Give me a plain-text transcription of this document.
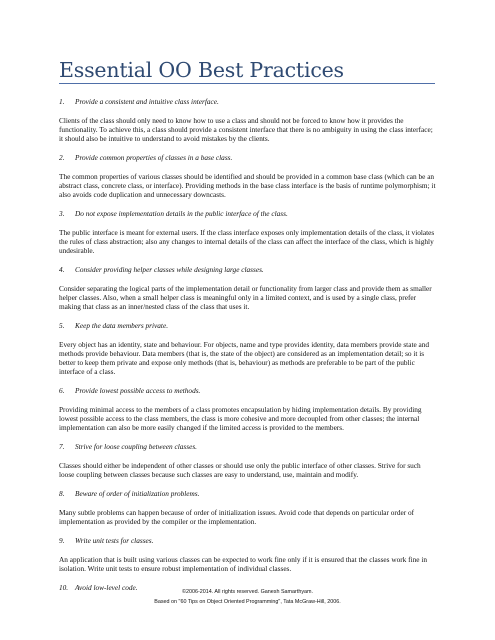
Essential OO Best Practices
1. Provide a consistent and intuitive class interface.

Clients of the class should only need to know how to use a class and should not be forced to know how it provides the functionality. To achieve this, a class should provide a consistent interface that there is no ambiguity in using the class interface; it should also be intuitive to understand to avoid mistakes by the clients.

2. Provide common properties of classes in a base class.

The common properties of various classes should be identified and should be provided in a common base class (which can be an abstract class, concrete class, or interface). Providing methods in the base class interface is the basis of runtime polymorphism; it also avoids code duplication and unnecessary downcasts.

3. Do not expose implementation details in the public interface of the class.

The public interface is meant for external users. If the class interface exposes only implementation details of the class, it violates the rules of class abstraction; also any changes to internal details of the class can affect the interface of the class, which is highly undesirable.

4. Consider providing helper classes while designing large classes.

Consider separating the logical parts of the implementation detail or functionality from larger class and provide them as smaller helper classes. Also, when a small helper class is meaningful only in a limited context, and is used by a single class, prefer making that class as an inner/nested class of the class that uses it.

5. Keep the data members private.

Every object has an identity, state and behaviour. For objects, name and type provides identity, data members provide state and methods provide behaviour. Data members (that is, the state of the object) are considered as an implementation detail; so it is better to keep them private and expose only methods (that is, behaviour) as methods are preferable to be part of the public interface of a class.

6. Provide lowest possible access to methods.

Providing minimal access to the members of a class promotes encapsulation by hiding implementation details. By providing lowest possible access to the class members, the class is more cohesive and more decoupled from other classes; the internal implementation can also be more easily changed if the limited access is provided to the members.

7. Strive for loose coupling between classes.

Classes should either be independent of other classes or should use only the public interface of other classes. Strive for such loose coupling between classes because such classes are easy to understand, use, maintain and modify.

8. Beware of order of initialization problems.

Many subtle problems can happen because of order of initialization issues. Avoid code that depends on particular order of implementation as provided by the compiler or the implementation.

9. Write unit tests for classes.

An application that is built using various classes can be expected to work fine only if it is ensured that the classes work fine in isolation. Write unit tests to ensure robust implementation of individual classes.

10. Avoid low-level code.	©2006-2014. All rights reserved. Ganesh Samarthyam.
Based on "60 Tips on Object Oriented Programming", Tata McGraw-Hill, 2006.
